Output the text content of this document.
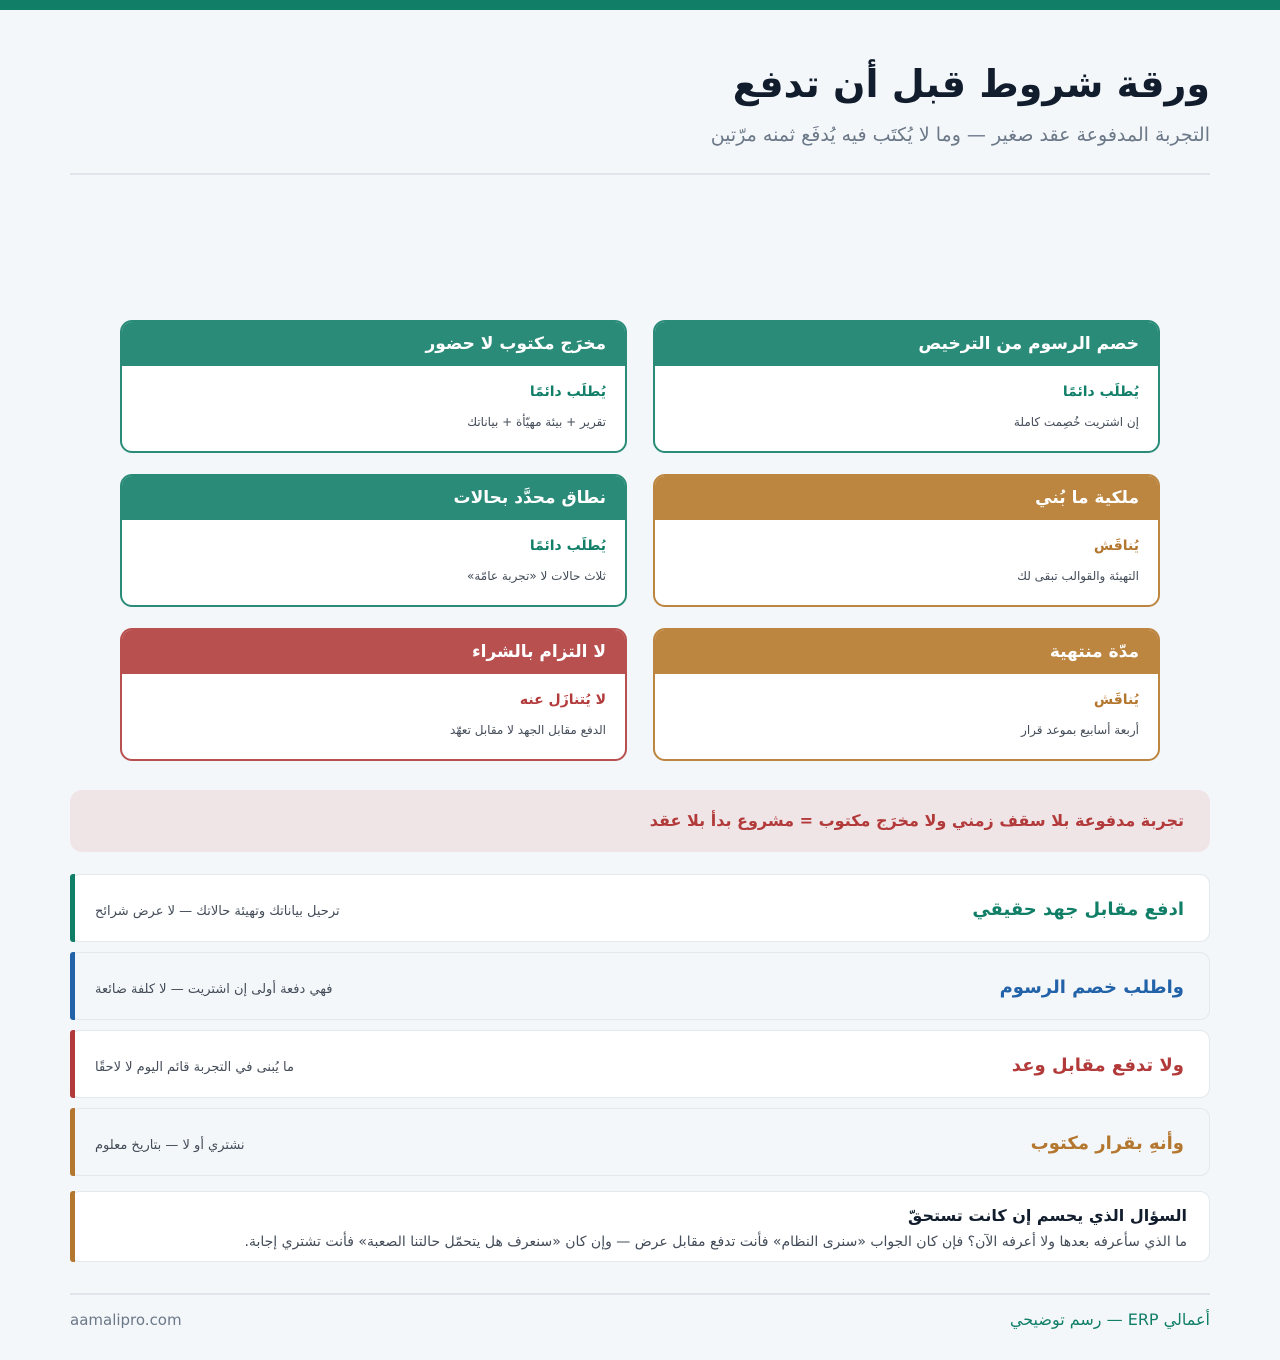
ورقة شروط قبل أن تدفع
التجربة المدفوعة عقد صغير — وما لا يُكتَب فيه يُدفَع ثمنه مرّتين
خصم الرسوم من الترخيص
يُطلَب دائمًا
إن اشتريت خُصِمت كاملة
مخرَج مكتوب لا حضور
يُطلَب دائمًا
تقرير + بيئة مهيّأة + بياناتك
ملكية ما بُني
يُناقَش
التهيئة والقوالب تبقى لك
نطاق محدَّد بحالات
يُطلَب دائمًا
ثلاث حالات لا «تجربة عامّة»
مدّة منتهية
يُناقَش
أربعة أسابيع بموعد قرار
لا التزام بالشراء
لا يُتنازَل عنه
الدفع مقابل الجهد لا مقابل تعهّد
تجربة مدفوعة بلا سقف زمني ولا مخرَج مكتوب = مشروع بدأ بلا عقد
ادفع مقابل جهد حقيقي
ترحيل بياناتك وتهيئة حالاتك — لا عرض شرائح
واطلب خصم الرسوم
فهي دفعة أولى إن اشتريت — لا كلفة ضائعة
ولا تدفع مقابل وعد
ما يُبنى في التجربة قائم اليوم لا لاحقًا
وأنهِ بقرار مكتوب
نشتري أو لا — بتاريخ معلوم
السؤال الذي يحسم إن كانت تستحقّ
ما الذي سأعرفه بعدها ولا أعرفه الآن؟ فإن كان الجواب «سنرى النظام» فأنت تدفع مقابل عرض — وإن كان «سنعرف هل يتحمّل حالتنا الصعبة» فأنت تشتري إجابة.
أعمالي ERP — رسم توضيحي
aamalipro.com
